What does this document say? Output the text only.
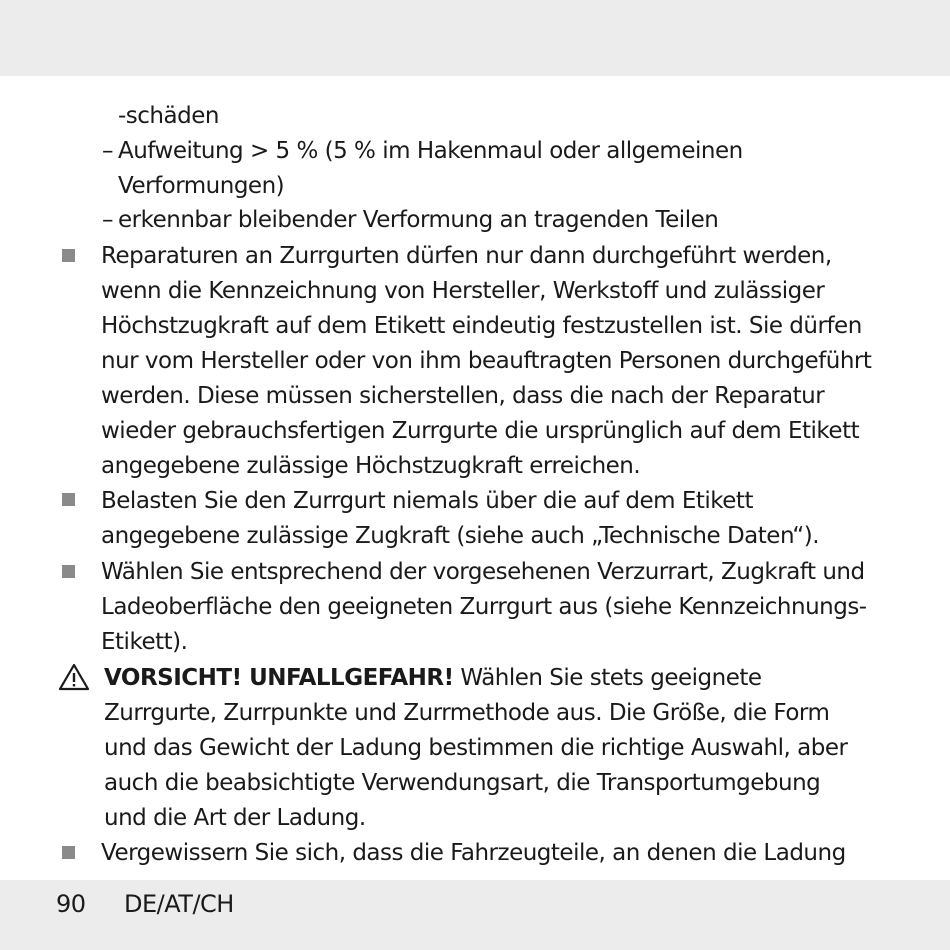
-schäden
– Aufweitung > 5 % (5 % im Hakenmaul oder allgemeinen
Verformungen)
– erkennbar bleibender Verformung an tragenden Teilen
Reparaturen an Zurrgurten dürfen nur dann durchgeführt werden,
wenn die Kennzeichnung von Hersteller, Werkstoff und zulässiger
Höchstzugkraft auf dem Etikett eindeutig festzustellen ist. Sie dürfen
nur vom Hersteller oder von ihm beauftragten Personen durchgeführt
werden. Diese müssen sicherstellen, dass die nach der Reparatur
wieder gebrauchsfertigen Zurrgurte die ursprünglich auf dem Etikett
angegebene zulässige Höchstzugkraft erreichen.
Belasten Sie den Zurrgurt niemals über die auf dem Etikett
angegebene zulässige Zugkraft (siehe auch „Technische Daten“).
Wählen Sie entsprechend der vorgesehenen Verzurrart, Zugkraft und
Ladeoberfläche den geeigneten Zurrgurt aus (siehe Kennzeichnungs-
Etikett).
VORSICHT! UNFALLGEFAHR! Wählen Sie stets geeignete
Zurrgurte, Zurrpunkte und Zurrmethode aus. Die Größe, die Form
und das Gewicht der Ladung bestimmen die richtige Auswahl, aber
auch die beabsichtigte Verwendungsart, die Transportumgebung
und die Art der Ladung.
Vergewissern Sie sich, dass die Fahrzeugteile, an denen die Ladung
90 DE/AT/CH
